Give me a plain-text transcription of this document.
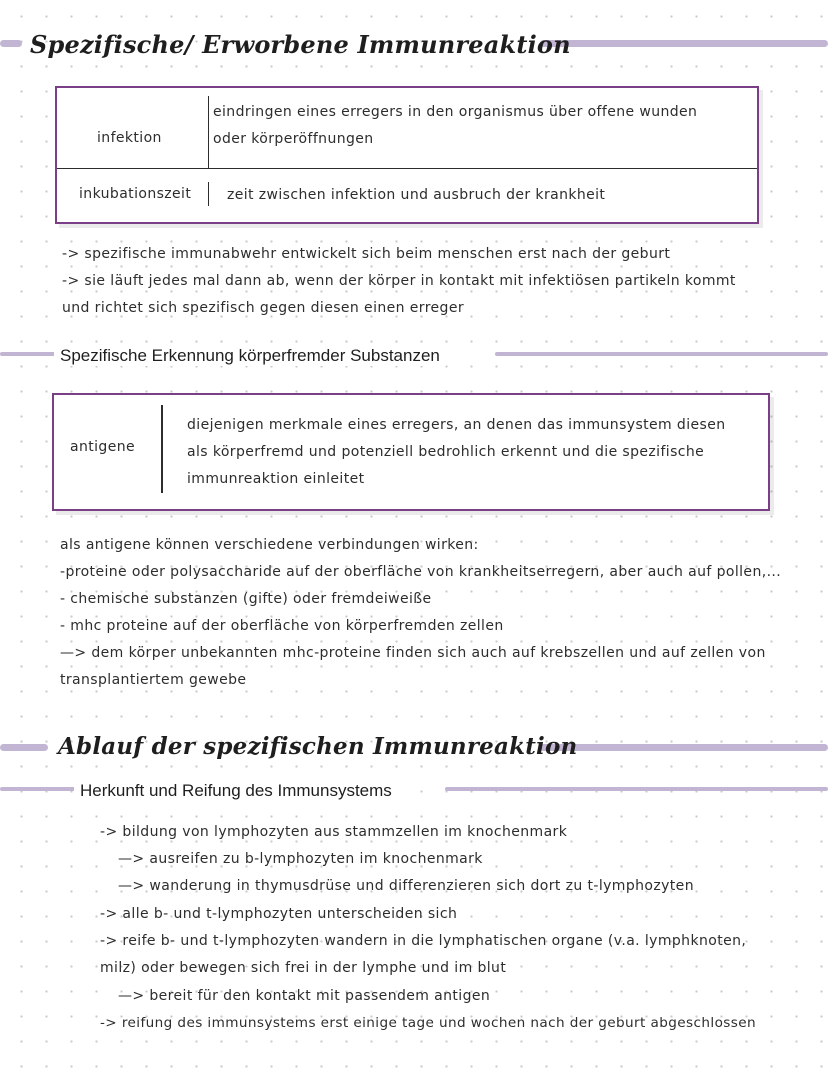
Spezifische/ Erworbene Immunreaktion
infektion
eindringen eines erregers in den organismus über offene wunden
oder körperöffnungen
inkubationszeit	zeit zwischen infektion und ausbruch der krankheit
-> spezifische immunabwehr entwickelt sich beim menschen erst nach der geburt
-> sie läuft jedes mal dann ab, wenn der körper in kontakt mit infektiösen partikeln kommt
und richtet sich spezifisch gegen diesen einen erreger
Spezifische Erkennung körperfremder Substanzen
antigene
diejenigen merkmale eines erregers, an denen das immunsystem diesen
als körperfremd und potenziell bedrohlich erkennt und die spezifische
immunreaktion einleitet
als antigene können verschiedene verbindungen wirken:
-proteine oder polysaccharide auf der oberfläche von krankheitserregern, aber auch auf pollen,...
- chemische substanzen (gifte) oder fremdeiweiße
- mhc proteine auf der oberfläche von körperfremden zellen
—> dem körper unbekannten mhc-proteine finden sich auch auf krebszellen und auf zellen von
transplantiertem gewebe
Ablauf der spezifischen Immunreaktion
Herkunft und Reifung des Immunsystems
-> bildung von lymphozyten aus stammzellen im knochenmark
—> ausreifen zu b-lymphozyten im knochenmark
—> wanderung in thymusdrüse und differenzieren sich dort zu t-lymphozyten
-> alle b- und t-lymphozyten unterscheiden sich
-> reife b- und t-lymphozyten wandern in die lymphatischen organe (v.a. lymphknoten,
milz) oder bewegen sich frei in der lymphe und im blut
—> bereit für den kontakt mit passendem antigen
-> reifung des immunsystems erst einige tage und wochen nach der geburt abgeschlossen
